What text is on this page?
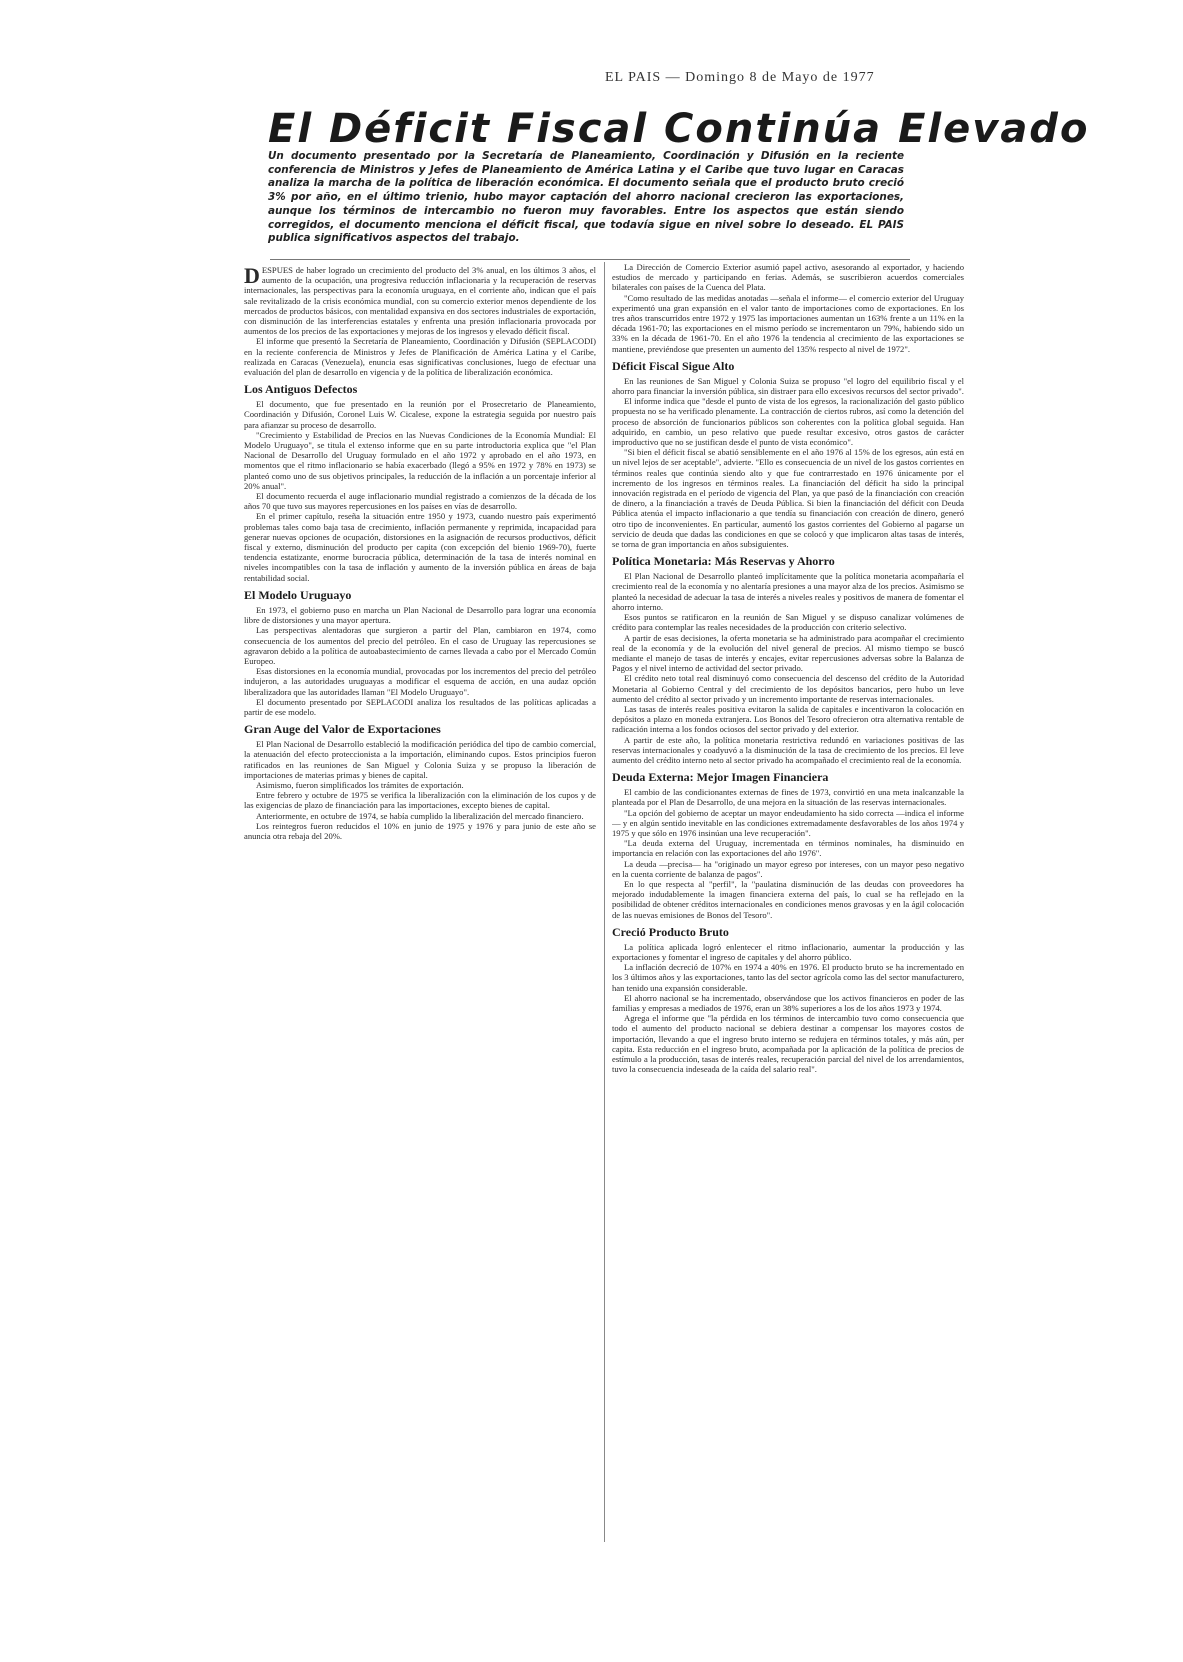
EL PAIS — Domingo 8 de Mayo de 1977
El Déficit Fiscal Continúa Elevado
Un documento presentado por la Secretaría de Planeamiento, Coordinación y Difusión en la reciente conferencia de Ministros y Jefes de Planeamiento de América Latina y el Caribe que tuvo lugar en Caracas analiza la marcha de la política de liberación económica. El documento señala que el producto bruto creció 3% por año, en el último trienio, hubo mayor captación del ahorro nacional crecieron las exportaciones, aunque los términos de intercambio no fueron muy favorables. Entre los aspectos que están siendo corregidos, el documento menciona el déficit fiscal, que todavía sigue en nivel sobre lo deseado. EL PAIS publica significativos aspectos del trabajo.

DESPUES de haber logrado un crecimiento del producto del 3% anual, en los últimos 3 años, el aumento de la ocupación, una progresiva reducción inflacionaria y la recuperación de reservas internacionales, las perspectivas para la economía uruguaya, en el corriente año, indican que el país sale revitalizado de la crisis económica mundial, con su comercio exterior menos dependiente de los mercados de productos básicos, con mentalidad expansiva en dos sectores industriales de exportación, con disminución de las interferencias estatales y enfrenta una presión inflacionaria provocada por aumentos de los precios de las exportaciones y mejoras de los ingresos y elevado déficit fiscal.

El informe que presentó la Secretaría de Planeamiento, Coordinación y Difusión (SEPLACODI) en la reciente conferencia de Ministros y Jefes de Planificación de América Latina y el Caribe, realizada en Caracas (Venezuela), enuncia esas significativas conclusiones, luego de efectuar una evaluación del plan de desarrollo en vigencia y de la política de liberalización económica.

Los Antiguos Defectos

El documento, que fue presentado en la reunión por el Prosecretario de Planeamiento, Coordinación y Difusión, Coronel Luis W. Cicalese, expone la estrategia seguida por nuestro país para afianzar su proceso de desarrollo.

"Crecimiento y Estabilidad de Precios en las Nuevas Condiciones de la Economía Mundial: El Modelo Uruguayo", se titula el extenso informe que en su parte introductoria explica que "el Plan Nacional de Desarrollo del Uruguay formulado en el año 1972 y aprobado en el año 1973, en momentos que el ritmo inflacionario se había exacerbado (llegó a 95% en 1972 y 78% en 1973) se planteó como uno de sus objetivos principales, la reducción de la inflación a un porcentaje inferior al 20% anual".

El documento recuerda el auge inflacionario mundial registrado a comienzos de la década de los años 70 que tuvo sus mayores repercusiones en los países en vías de desarrollo.

En el primer capítulo, reseña la situación entre 1950 y 1973, cuando nuestro país experimentó problemas tales como baja tasa de crecimiento, inflación permanente y reprimida, incapacidad para generar nuevas opciones de ocupación, distorsiones en la asignación de recursos productivos, déficit fiscal y externo, disminución del producto per capita (con excepción del bienio 1969-70), fuerte tendencia estatizante, enorme burocracia pública, determinación de la tasa de interés nominal en niveles incompatibles con la tasa de inflación y aumento de la inversión pública en áreas de baja rentabilidad social.

El Modelo Uruguayo

En 1973, el gobierno puso en marcha un Plan Nacional de Desarrollo para lograr una economía libre de distorsiones y una mayor apertura.

Las perspectivas alentadoras que surgieron a partir del Plan, cambiaron en 1974, como consecuencia de los aumentos del precio del petróleo. En el caso de Uruguay las repercusiones se agravaron debido a la política de autoabastecimiento de carnes llevada a cabo por el Mercado Común Europeo.

Esas distorsiones en la economía mundial, provocadas por los incrementos del precio del petróleo indujeron, a las autoridades uruguayas a modificar el esquema de acción, en una audaz opción liberalizadora que las autoridades llaman "El Modelo Uruguayo".

El documento presentado por SEPLACODI analiza los resultados de las políticas aplicadas a partir de ese modelo.

Gran Auge del Valor de Exportaciones

El Plan Nacional de Desarrollo estableció la modificación periódica del tipo de cambio comercial, la atenuación del efecto proteccionista a la importación, eliminando cupos. Estos principios fueron ratificados en las reuniones de San Miguel y Colonia Suiza y se propuso la liberación de importaciones de materias primas y bienes de capital.

Asimismo, fueron simplificados los trámites de exportación.

Entre febrero y octubre de 1975 se verifica la liberalización con la eliminación de los cupos y de las exigencias de plazo de financiación para las importaciones, excepto bienes de capital.

Anteriormente, en octubre de 1974, se había cumplido la liberalización del mercado financiero.

Los reintegros fueron reducidos el 10% en junio de 1975 y 1976 y para junio de este año se anuncia otra rebaja del 20%.

La Dirección de Comercio Exterior asumió papel activo, asesorando al exportador, y haciendo estudios de mercado y participando en ferias. Además, se suscribieron acuerdos comerciales bilaterales con países de la Cuenca del Plata.

"Como resultado de las medidas anotadas —señala el informe— el comercio exterior del Uruguay experimentó una gran expansión en el valor tanto de importaciones como de exportaciones. En los tres años transcurridos entre 1972 y 1975 las importaciones aumentan un 163% frente a un 11% en la década 1961-70; las exportaciones en el mismo período se incrementaron un 79%, habiendo sido un 33% en la década de 1961-70. En el año 1976 la tendencia al crecimiento de las exportaciones se mantiene, previéndose que presenten un aumento del 135% respecto al nivel de 1972".

Déficit Fiscal Sigue Alto

En las reuniones de San Miguel y Colonia Suiza se propuso "el logro del equilibrio fiscal y el ahorro para financiar la inversión pública, sin distraer para ello excesivos recursos del sector privado".

El informe indica que "desde el punto de vista de los egresos, la racionalización del gasto público propuesta no se ha verificado plenamente. La contracción de ciertos rubros, así como la detención del proceso de absorción de funcionarios públicos son coherentes con la política global seguida. Han adquirido, en cambio, un peso relativo que puede resultar excesivo, otros gastos de carácter improductivo que no se justifican desde el punto de vista económico".

"Si bien el déficit fiscal se abatió sensiblemente en el año 1976 al 15% de los egresos, aún está en un nivel lejos de ser aceptable", advierte. "Ello es consecuencia de un nivel de los gastos corrientes en términos reales que continúa siendo alto y que fue contrarrestado en 1976 únicamente por el incremento de los ingresos en términos reales. La financiación del déficit ha sido la principal innovación registrada en el período de vigencia del Plan, ya que pasó de la financiación con creación de dinero, a la financiación a través de Deuda Pública. Si bien la financiación del déficit con Deuda Pública atenúa el impacto inflacionario a que tendía su financiación con creación de dinero, generó otro tipo de inconvenientes. En particular, aumentó los gastos corrientes del Gobierno al pagarse un servicio de deuda que dadas las condiciones en que se colocó y que implicaron altas tasas de interés, se torna de gran importancia en años subsiguientes.

Política Monetaria: Más Reservas y Ahorro

El Plan Nacional de Desarrollo planteó implícitamente que la política monetaria acompañaría el crecimiento real de la economía y no alentaría presiones a una mayor alza de los precios. Asimismo se planteó la necesidad de adecuar la tasa de interés a niveles reales y positivos de manera de fomentar el ahorro interno.

Esos puntos se ratificaron en la reunión de San Miguel y se dispuso canalizar volúmenes de crédito para contemplar las reales necesidades de la producción con criterio selectivo.

A partir de esas decisiones, la oferta monetaria se ha administrado para acompañar el crecimiento real de la economía y de la evolución del nivel general de precios. Al mismo tiempo se buscó mediante el manejo de tasas de interés y encajes, evitar repercusiones adversas sobre la Balanza de Pagos y el nivel interno de actividad del sector privado.

El crédito neto total real disminuyó como consecuencia del descenso del crédito de la Autoridad Monetaria al Gobierno Central y del crecimiento de los depósitos bancarios, pero hubo un leve aumento del crédito al sector privado y un incremento importante de reservas internacionales.

Las tasas de interés reales positiva evitaron la salida de capitales e incentivaron la colocación en depósitos a plazo en moneda extranjera. Los Bonos del Tesoro ofrecieron otra alternativa rentable de radicación interna a los fondos ociosos del sector privado y del exterior.

A partir de este año, la política monetaria restrictiva redundó en variaciones positivas de las reservas internacionales y coadyuvó a la disminución de la tasa de crecimiento de los precios. El leve aumento del crédito interno neto al sector privado ha acompañado el crecimiento real de la economía.

Deuda Externa: Mejor Imagen Financiera

El cambio de las condicionantes externas de fines de 1973, convirtió en una meta inalcanzable la planteada por el Plan de Desarrollo, de una mejora en la situación de las reservas internacionales.

"La opción del gobierno de aceptar un mayor endeudamiento ha sido correcta —indica el informe— y en algún sentido inevitable en las condiciones extremadamente desfavorables de los años 1974 y 1975 y que sólo en 1976 insinúan una leve recuperación".

"La deuda externa del Uruguay, incrementada en términos nominales, ha disminuido en importancia en relación con las exportaciones del año 1976".

La deuda —precisa— ha "originado un mayor egreso por intereses, con un mayor peso negativo en la cuenta corriente de balanza de pagos".

En lo que respecta al "perfil", la "paulatina disminución de las deudas con proveedores ha mejorado indudablemente la imagen financiera externa del país, lo cual se ha reflejado en la posibilidad de obtener créditos internacionales en condiciones menos gravosas y en la ágil colocación de las nuevas emisiones de Bonos del Tesoro".

Creció Producto Bruto

La política aplicada logró enlentecer el ritmo inflacionario, aumentar la producción y las exportaciones y fomentar el ingreso de capitales y del ahorro público.

La inflación decreció de 107% en 1974 a 40% en 1976. El producto bruto se ha incrementado en los 3 últimos años y las exportaciones, tanto las del sector agrícola como las del sector manufacturero, han tenido una expansión considerable.

El ahorro nacional se ha incrementado, observándose que los activos financieros en poder de las familias y empresas a mediados de 1976, eran un 38% superiores a los de los años 1973 y 1974.

Agrega el informe que "la pérdida en los términos de intercambio tuvo como consecuencia que todo el aumento del producto nacional se debiera destinar a compensar los mayores costos de importación, llevando a que el ingreso bruto interno se redujera en términos totales, y más aún, per capita. Esta reducción en el ingreso bruto, acompañada por la aplicación de la política de precios de estímulo a la producción, tasas de interés reales, recuperación parcial del nivel de los arrendamientos, tuvo la consecuencia indeseada de la caída del salario real".
